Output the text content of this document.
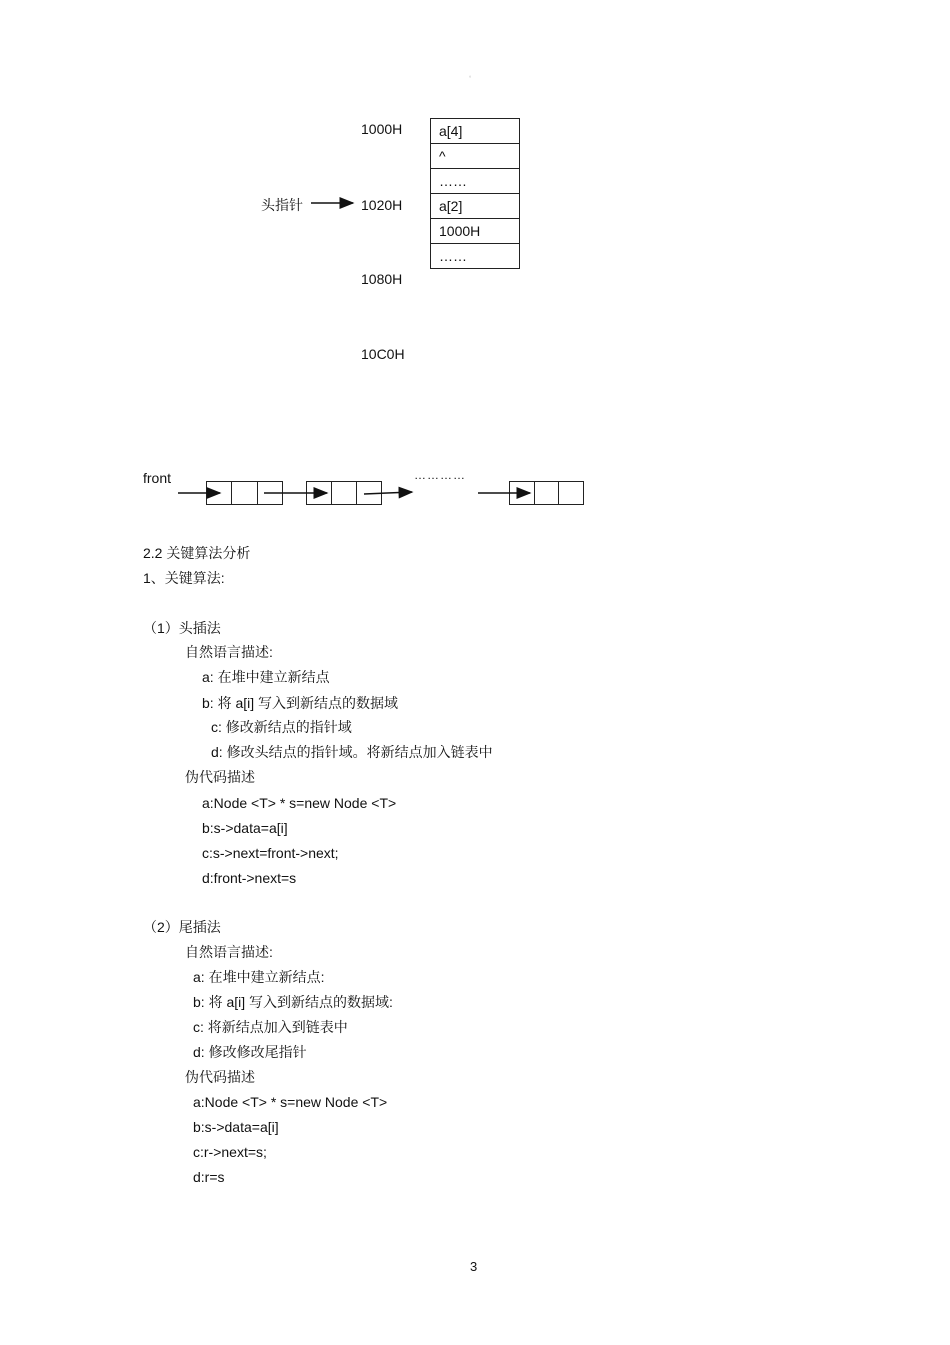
。
1000H
1020H
1080H
10C0H
头指针
a[4]
^
……
a[2]
1000H
……
front	…………
2.2 关键算法分析
1、关键算法:
（1）头插法
自然语言描述:
a: 在堆中建立新结点
b: 将 a[i] 写入到新结点的数据域
c: 修改新结点的指针域
d: 修改头结点的指针域。将新结点加入链表中
伪代码描述
a:Node <T> * s=new Node <T>
b:s->data=a[i]
c:s->next=front->next;
d:front->next=s
（2）尾插法
自然语言描述:
a: 在堆中建立新结点:
b: 将 a[i] 写入到新结点的数据域:
c: 将新结点加入到链表中
d: 修改修改尾指针
伪代码描述
a:Node <T> * s=new Node <T>
b:s->data=a[i]
c:r->next=s;
d:r=s
3
